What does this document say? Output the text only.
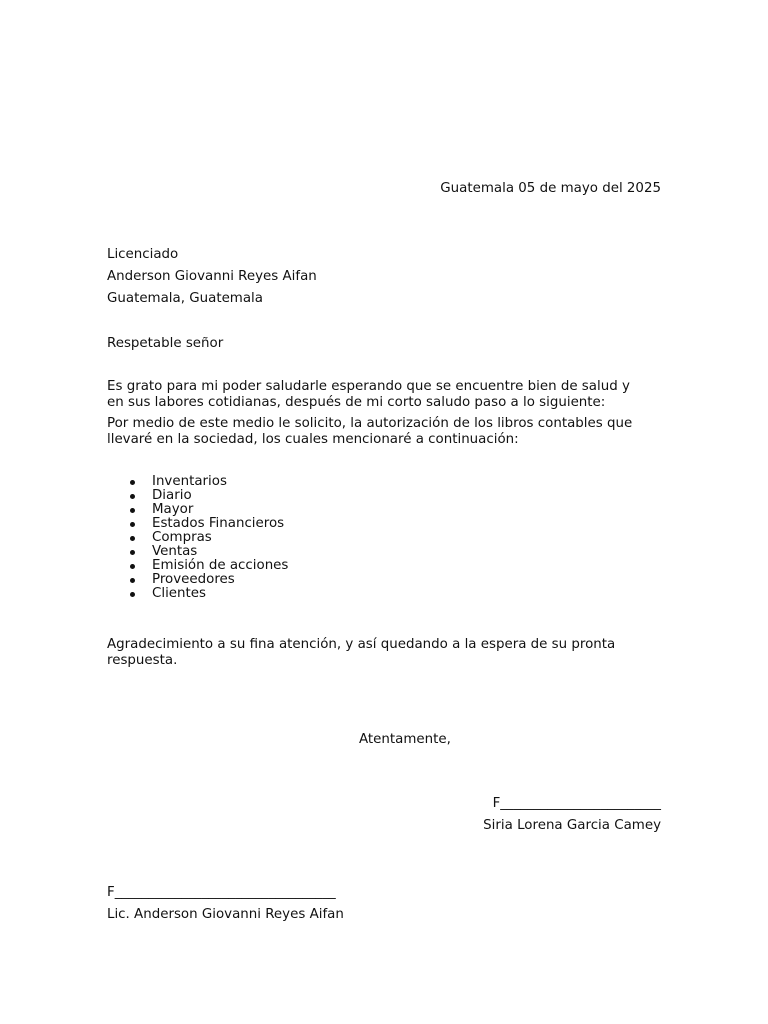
Guatemala 05 de mayo del 2025
Licenciado
Anderson Giovanni Reyes Aifan
Guatemala, Guatemala
Respetable señor
Es grato para mi poder saludarle esperando que se encuentre bien de salud y
en sus labores cotidianas, después de mi corto saludo paso a lo siguiente:
Por medio de este medio le solicito, la autorización de los libros contables que
llevaré en la sociedad, los cuales mencionaré a continuación:
Inventarios
Diario
Mayor
Estados Financieros
Compras
Ventas
Emisión de acciones
Proveedores
Clientes
Agradecimiento a su fina atención, y así quedando a la espera de su pronta
respuesta.
Atentamente,
F________________________
Siria Lorena Garcia Camey
F_________________________________
Lic. Anderson Giovanni Reyes Aifan
